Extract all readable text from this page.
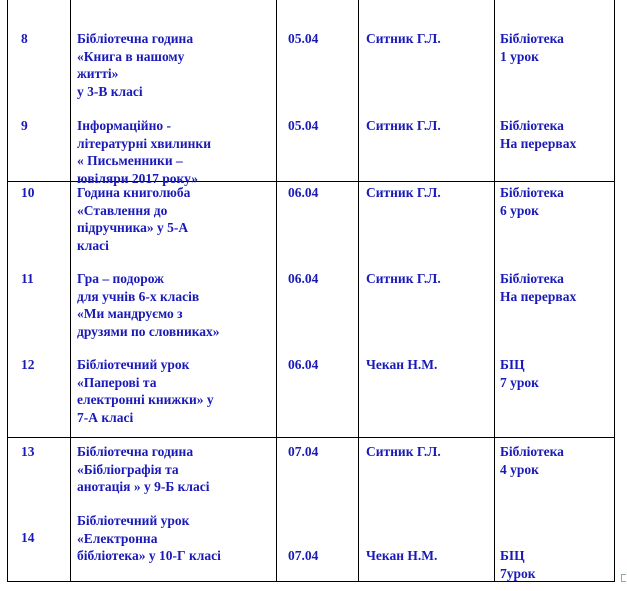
8	Бібліотечна година
«Книга в нашому
житті»
у 3-В класі
05.04	Ситник Г.Л.	Бібліотека
1 урок
9	Інформаційно -
літературні хвилинки
« Письменники –
ювіляри 2017 року»
05.04	Ситник Г.Л.	Бібліотека
На перервах
10	Година книголюба
«Ставлення до
підручника» у 5-А
класі
06.04	Ситник Г.Л.	Бібліотека
6 урок
11	Гра – подорож
для учнів 6-х класів
«Ми мандруємо з
друзями по словниках»
06.04	Ситник Г.Л.	Бібліотека
На перервах
12	Бібліотечний урок
«Паперові та
електронні книжки» у
7-А класі
06.04	Чекан Н.М.	БІЦ
7 урок
13	Бібліотечна година
«Бібліографія та
анотація » у 9-Б класі
07.04	Ситник Г.Л.	Бібліотека
4 урок
14
Бібліотечний урок
«Електронна
бібліотека» у 10-Г класі	07.04	Чекан Н.М.	БІЦ
7урок
